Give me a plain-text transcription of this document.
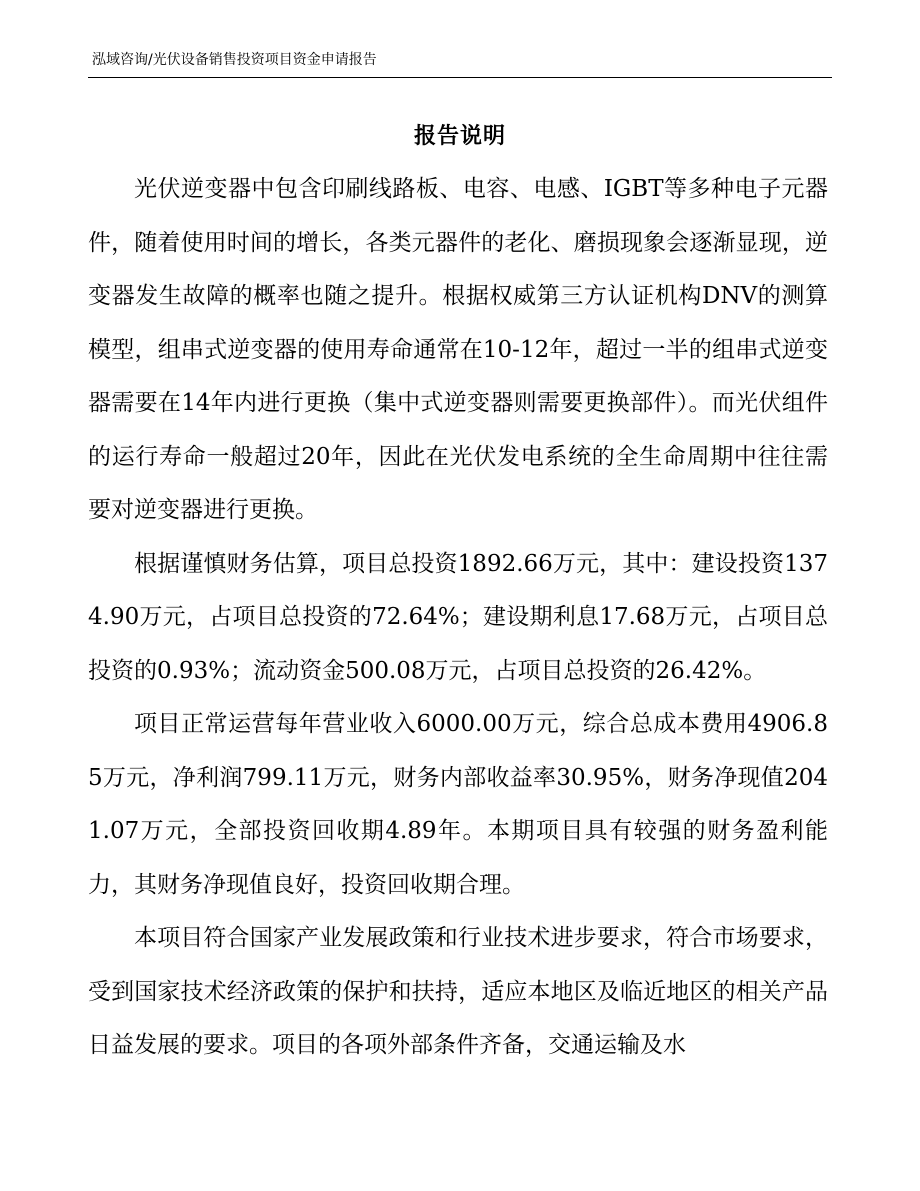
泓域咨询/光伏设备销售投资项目资金申请报告
报告说明

光伏逆变器中包含印刷线路板、电容、电感、IGBT等多种电子元器件，随着使用时间的增长，各类元器件的老化、磨损现象会逐渐显现，逆变器发生故障的概率也随之提升。根据权威第三方认证机构DNV的测算模型，组串式逆变器的使用寿命通常在10-12年，超过一半的组串式逆变器需要在14年内进行更换（集中式逆变器则需要更换部件）。而光伏组件的运行寿命一般超过20年，因此在光伏发电系统的全生命周期中往往需要对逆变器进行更换。

根据谨慎财务估算，项目总投资1892.66万元，其中：建设投资1374.90万元，占项目总投资的72.64%；建设期利息17.68万元，占项目总投资的0.93%；流动资金500.08万元，占项目总投资的26.42%。

项目正常运营每年营业收入6000.00万元，综合总成本费用4906.85万元，净利润799.11万元，财务内部收益率30.95%，财务净现值2041.07万元，全部投资回收期4.89年。本期项目具有较强的财务盈利能力，其财务净现值良好，投资回收期合理。

本项目符合国家产业发展政策和行业技术进步要求，符合市场要求，受到国家技术经济政策的保护和扶持，适应本地区及临近地区的相关产品日益发展的要求。项目的各项外部条件齐备，交通运输及水
